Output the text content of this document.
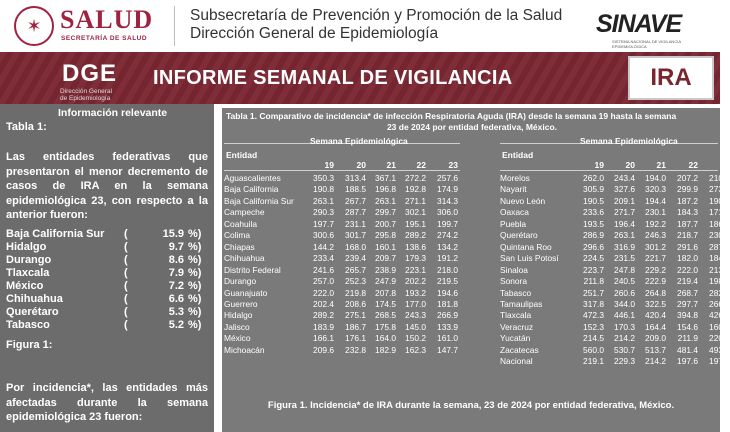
✶ SALUD
SECRETARÍA DE SALUD
Subsecretaría de Prevención y Promoción de la Salud
Dirección General de Epidemiología	SINAVE
SISTEMA NACIONAL DE VIGILANCIA EPIDEMIOLÓGICA
DGE
Dirección General de Epidemiología
INFORME SEMANAL DE VIGILANCIA	IRA
Información relevante
Tabla 1:
Las entidades federativas que presentaron el menor decremento de casos de IRA en la semana epidemiológica 23, con respecto a la anterior fueron:
Baja California Sur	(	15.9 %)
Hidalgo	(	9.7 %)
Durango	(	8.6 %)
Tlaxcala	(	7.9 %)
México	(	7.2 %)
Chihuahua	(	6.6 %)
Querétaro	(	5.3 %)
Tabasco	(	5.2 %)
Figura 1:
Por incidencia*, las entidades más afectadas durante la semana epidemiológica 23 fueron:
Tabla 1. Comparativo de incidencia* de infección Respiratoria Aguda (IRA) desde la semana 19 hasta la semana
23 de 2024 por entidad federativa, México.
Entidad
Semana Epidemiológica
19	20	21	22	23
Aguascalientes	350.3	313.4	367.1	272.2	257.6
Baja California	190.8	188.5	196.8	192.8	174.9
Baja California Sur	263.1	267.7	263.1	271.1	314.3
Campeche	290.3	287.7	299.7	302.1	306.0
Coahuila	197.7	231.1	200.7	195.1	199.7
Colima	300.6	301.7	295.8	289.2	274.2
Chiapas	144.2	168.0	160.1	138.6	134.2
Chihuahua	233.4	239.4	209.7	179.3	191.2
Distrito Federal	241.6	265.7	238.9	223.1	218.0
Durango	257.0	252.3	247.9	202.2	219.5
Guanajuato	222.0	219.8	207.8	193.2	194.6
Guerrero	202.4	208.6	174.5	177.0	181.8
Hidalgo	289.2	275.1	268.5	243.3	266.9
Jalisco	183.9	186.7	175.8	145.0	133.9
México	166.1	176.1	164.0	150.2	161.0
Michoacán	209.6	232.8	182.9	162.3	147.7
Entidad
Semana Epidemiológica
19	20	21	22	23
Morelos	262.0	243.4	194.0	207.2	210.6
Nayarit	305.9	327.6	320.3	299.9	273.6
Nuevo León	190.5	209.1	194.4	187.2	190.0
Oaxaca	233.6	271.7	230.1	184.3	171.5
Puebla	193.5	196.4	192.2	187.7	186.5
Querétaro	286.9	263.1	246.3	218.7	230.3
Quintana Roo	296.6	316.9	301.2	291.6	287.4
San Luis Potosí	224.5	231.5	221.7	182.0	184.6
Sinaloa	223.7	247.8	229.2	222.0	213.0
Sonora	211.8	240.5	222.9	219.4	198.8
Tabasco	251.7	260.6	264.8	268.7	282.8
Tamaulipas	317.8	344.0	322.5	297.7	266.9
Tlaxcala	472.3	446.1	420.4	394.8	426.1
Veracruz	152.3	170.3	164.4	154.6	160.7
Yucatán	214.5	214.2	209.0	211.9	220.2
Zacatecas	560.0	530.7	513.7	481.4	493.0
Nacional	219.1	229.3	214.2	197.6	197.6
Figura 1. Incidencia* de IRA durante la semana, 23 de 2024 por entidad federativa, México.
